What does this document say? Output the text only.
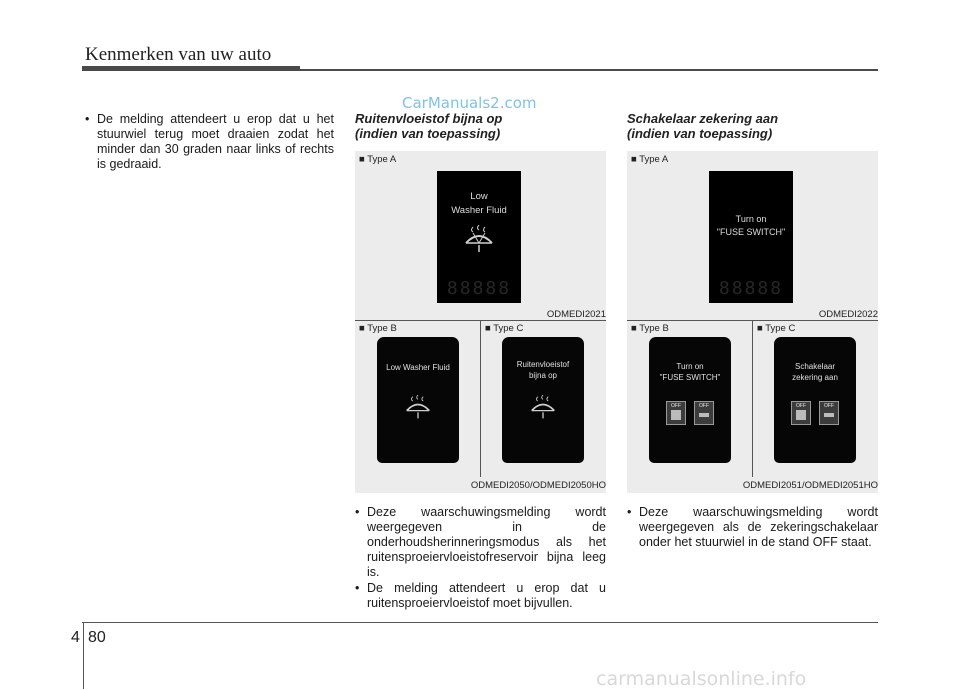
Kenmerken van uw auto
CarManuals2.com
• De melding attendeert u erop dat u het stuurwiel terug moet draaien zodat het minder dan 30 graden naar links of rechts is gedraaid.
Ruitenvloeistof bijna op
(indien van toepassing)
■ Type A
Low
Washer Fluid
88888
ODMEDI2021
■ Type B	■ Type C
Low Washer Fluid	Ruitenvloeistof
bijna op
ODMEDI2050/ODMEDI2050HO
• Deze waarschuwingsmelding wordt weergegeven in de onderhoudsherinneringsmodus als het ruitensproeiervloeistofreservoir bijna leeg is.
• De melding attendeert u erop dat u ruitensproeiervloeistof moet bijvullen.
Schakelaar zekering aan
(indien van toepassing)
■ Type A
Turn on
"FUSE SWITCH"
88888
ODMEDI2022
■ Type B	■ Type C
Turn on
"FUSE SWITCH"
OFF	OFF
Schakelaar
zekering aan
OFF	OFF
ODMEDI2051/ODMEDI2051HO
• Deze waarschuwingsmelding wordt weergegeven als de zekeringschakelaar onder het stuurwiel in de stand OFF staat.
4 80
carmanualsonline.info
